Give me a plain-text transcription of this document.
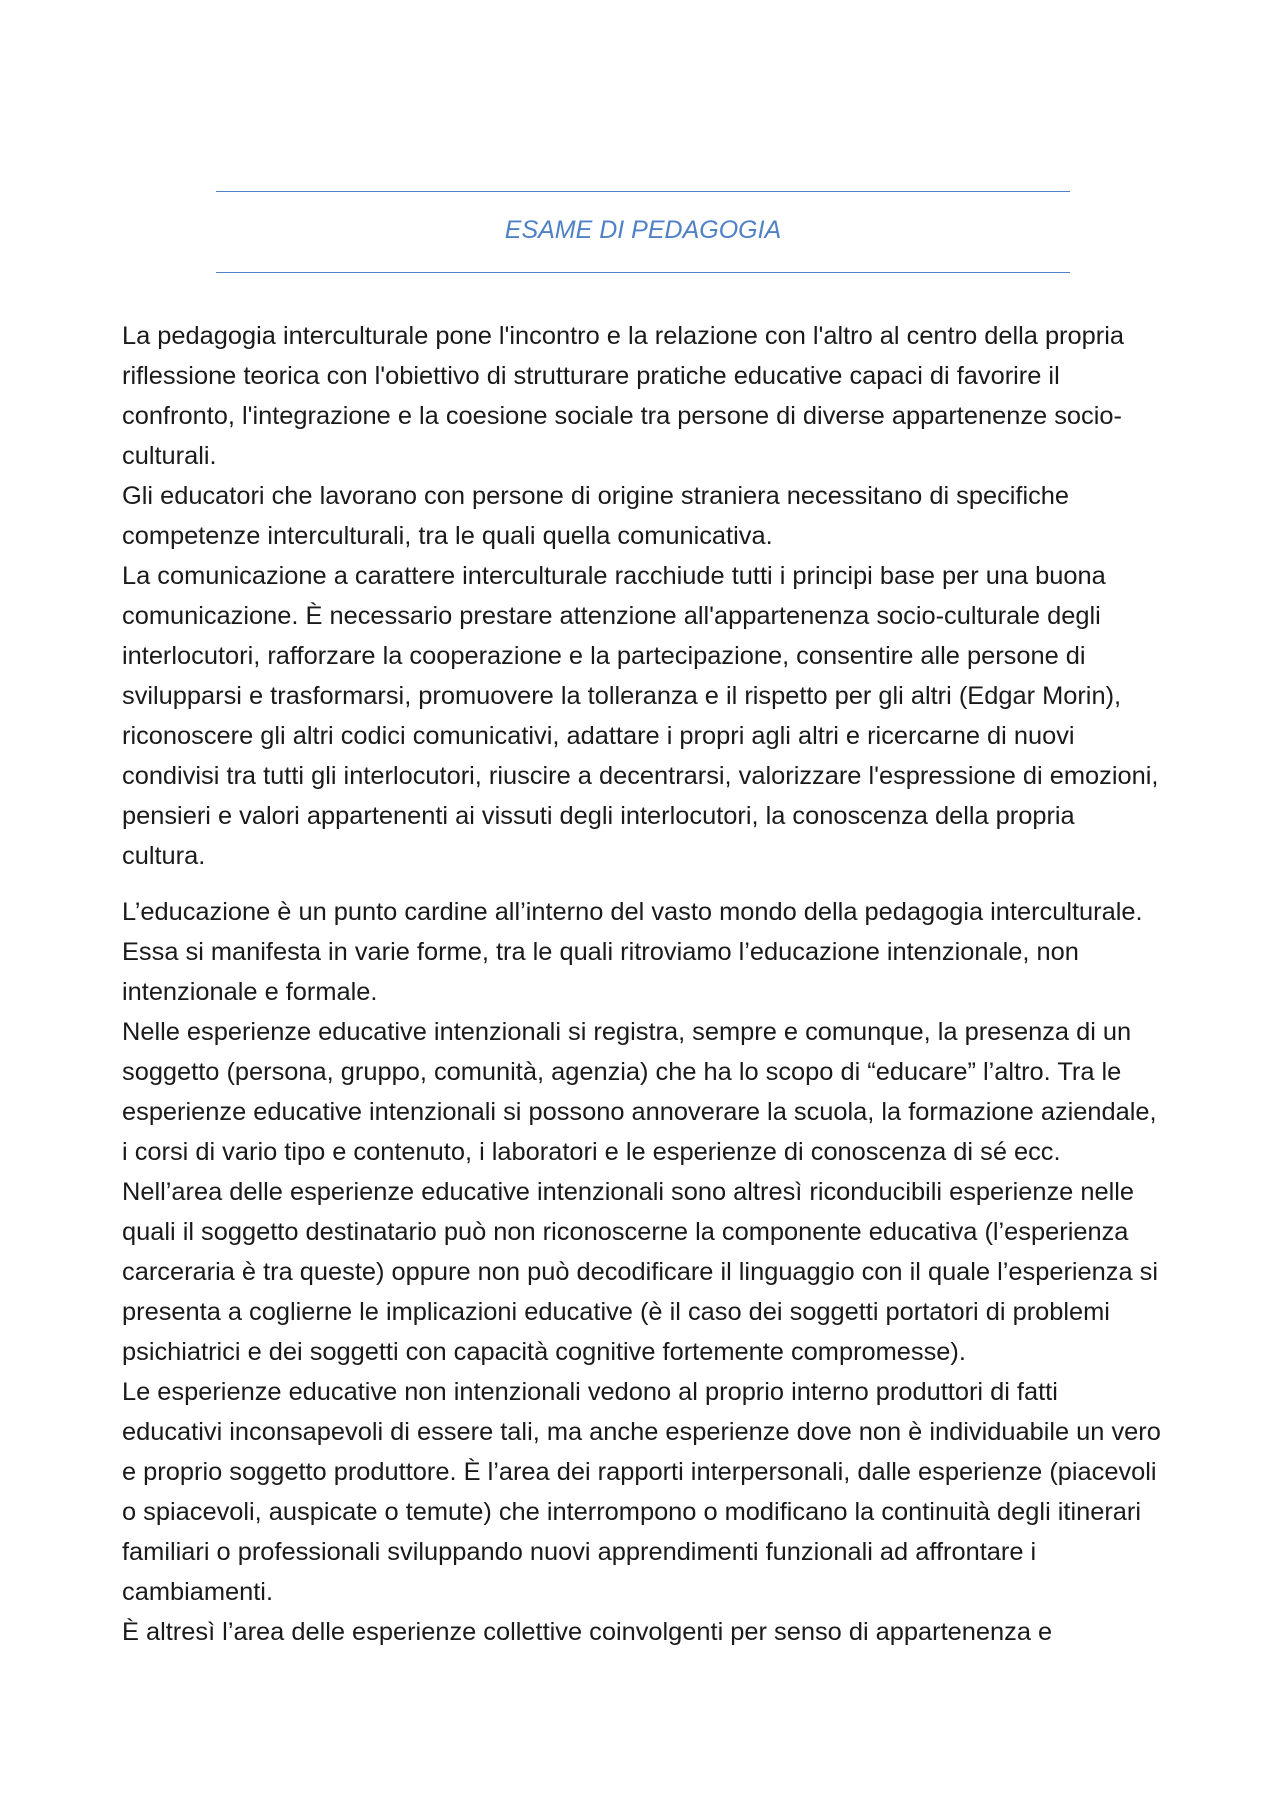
ESAME DI PEDAGOGIA

La pedagogia interculturale pone l'incontro e la relazione con l'altro al centro della propria riflessione teorica con l'obiettivo di strutturare pratiche educative capaci di favorire il confronto, l'integrazione e la coesione sociale tra persone di diverse appartenenze socio-culturali.

Gli educatori che lavorano con persone di origine straniera necessitano di specifiche competenze interculturali, tra le quali quella comunicativa.

La comunicazione a carattere interculturale racchiude tutti i principi base per una buona comunicazione. È necessario prestare attenzione all'appartenenza socio-culturale degli interlocutori, rafforzare la cooperazione e la partecipazione, consentire alle persone di svilupparsi e trasformarsi, promuovere la tolleranza e il rispetto per gli altri (Edgar Morin), riconoscere gli altri codici comunicativi, adattare i propri agli altri e ricercarne di nuovi condivisi tra tutti gli interlocutori, riuscire a decentrarsi, valorizzare l'espressione di emozioni, pensieri e valori appartenenti ai vissuti degli interlocutori, la conoscenza della propria cultura.

L’educazione è un punto cardine all’interno del vasto mondo della pedagogia interculturale. Essa si manifesta in varie forme, tra le quali ritroviamo l’educazione intenzionale, non intenzionale e formale.

Nelle esperienze educative intenzionali si registra, sempre e comunque, la presenza di un soggetto (persona, gruppo, comunità, agenzia) che ha lo scopo di “educare” l’altro. Tra le esperienze educative intenzionali si possono annoverare la scuola, la formazione aziendale, i corsi di vario tipo e contenuto, i laboratori e le esperienze di conoscenza di sé ecc. Nell’area delle esperienze educative intenzionali sono altresì riconducibili esperienze nelle quali il soggetto destinatario può non riconoscerne la componente educativa (l’esperienza carceraria è tra queste) oppure non può decodificare il linguaggio con il quale l’esperienza si presenta a coglierne le implicazioni educative (è il caso dei soggetti portatori di problemi psichiatrici e dei soggetti con capacità cognitive fortemente compromesse).

Le esperienze educative non intenzionali vedono al proprio interno produttori di fatti educativi inconsapevoli di essere tali, ma anche esperienze dove non è individuabile un vero e proprio soggetto produttore. È l’area dei rapporti interpersonali, dalle esperienze (piacevoli o spiacevoli, auspicate o temute) che interrompono o modificano la continuità degli itinerari familiari o professionali sviluppando nuovi apprendimenti funzionali ad affrontare i cambiamenti.

È altresì l’area delle esperienze collettive coinvolgenti per senso di appartenenza e
